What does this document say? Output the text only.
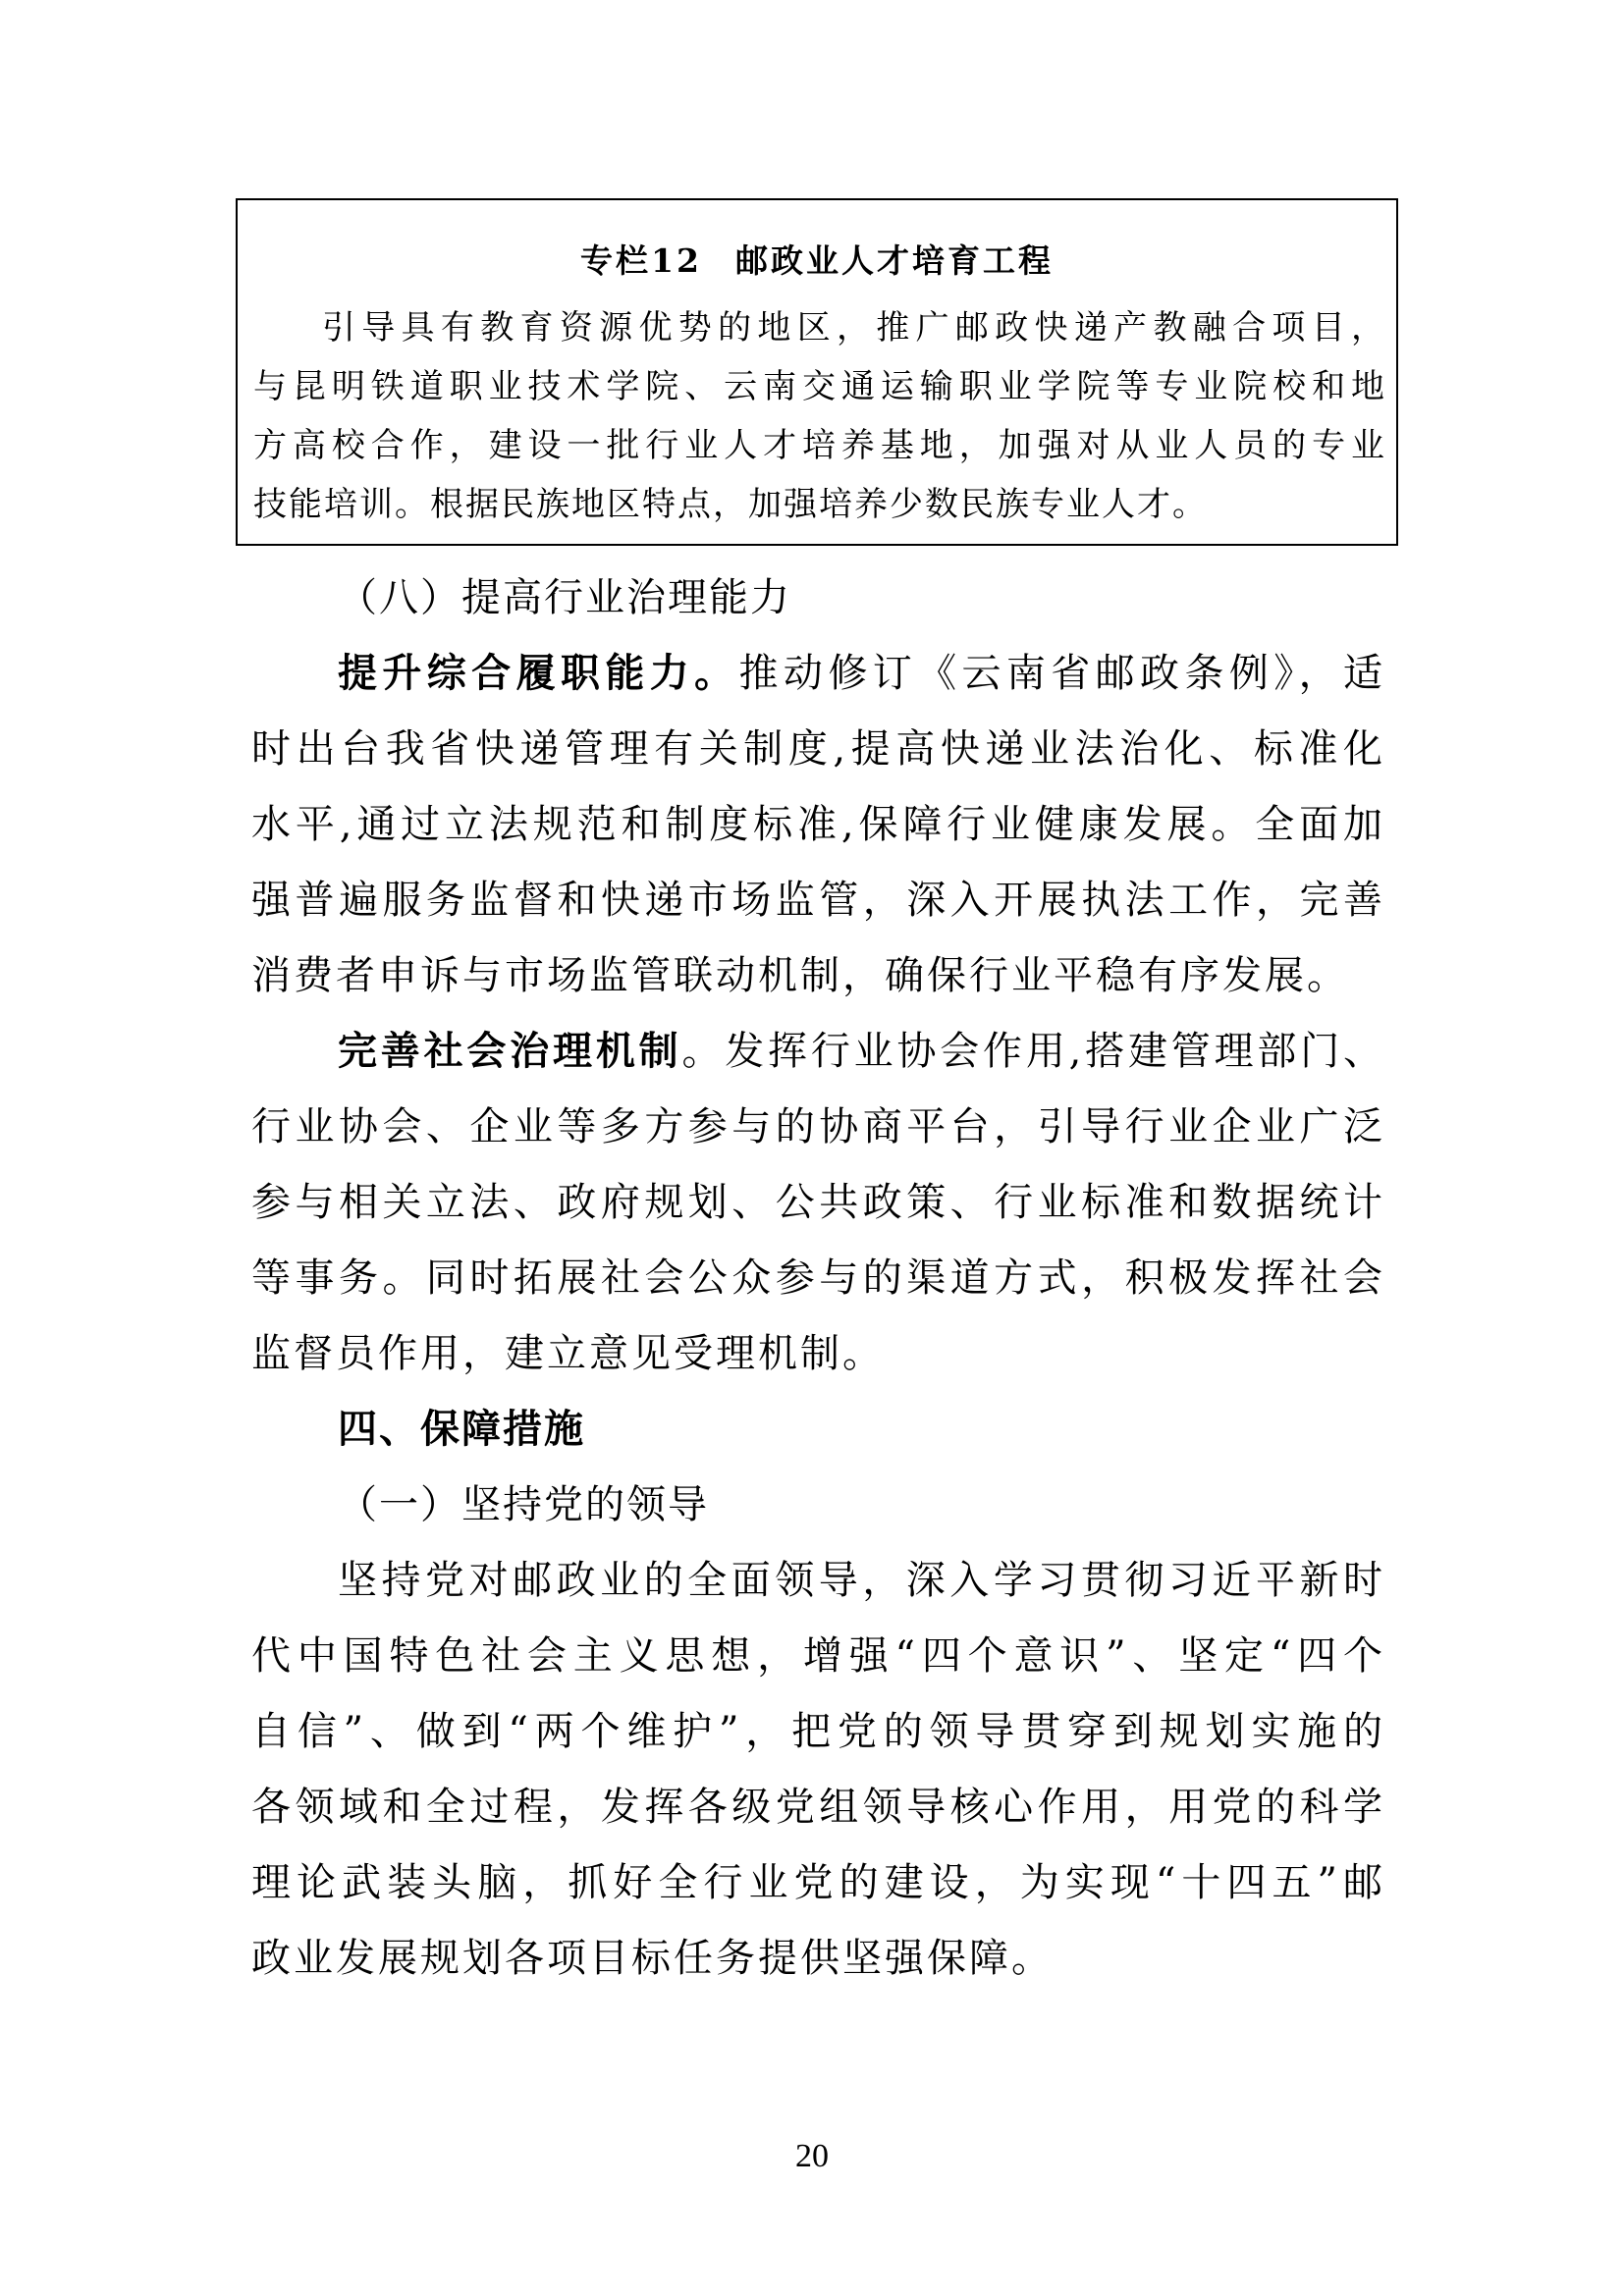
专栏12 邮政业人才培育工程
引导具有教育资源优势的地区，推广邮政快递产教融合项目，
与昆明铁道职业技术学院、云南交通运输职业学院等专业院校和地
方高校合作，建设一批行业人才培养基地，加强对从业人员的专业
技能培训。根据民族地区特点，加强培养少数民族专业人才。
（八）提高行业治理能力
提升综合履职能力。推动修订《云南省邮政条例》，适
时出台我省快递管理有关制度,提高快递业法治化、标准化
水平,通过立法规范和制度标准,保障行业健康发展。全面加
强普遍服务监督和快递市场监管，深入开展执法工作，完善
消费者申诉与市场监管联动机制，确保行业平稳有序发展。
完善社会治理机制。发挥行业协会作用,搭建管理部门、
行业协会、企业等多方参与的协商平台，引导行业企业广泛
参与相关立法、政府规划、公共政策、行业标准和数据统计
等事务。同时拓展社会公众参与的渠道方式，积极发挥社会
监督员作用，建立意见受理机制。
四、保障措施
（一）坚持党的领导
坚持党对邮政业的全面领导，深入学习贯彻习近平新时
代中国特色社会主义思想，增强“四个意识”、坚定“四个
自信”、做到“两个维护”，把党的领导贯穿到规划实施的
各领域和全过程，发挥各级党组领导核心作用，用党的科学
理论武装头脑，抓好全行业党的建设，为实现“十四五”邮
政业发展规划各项目标任务提供坚强保障。
20
